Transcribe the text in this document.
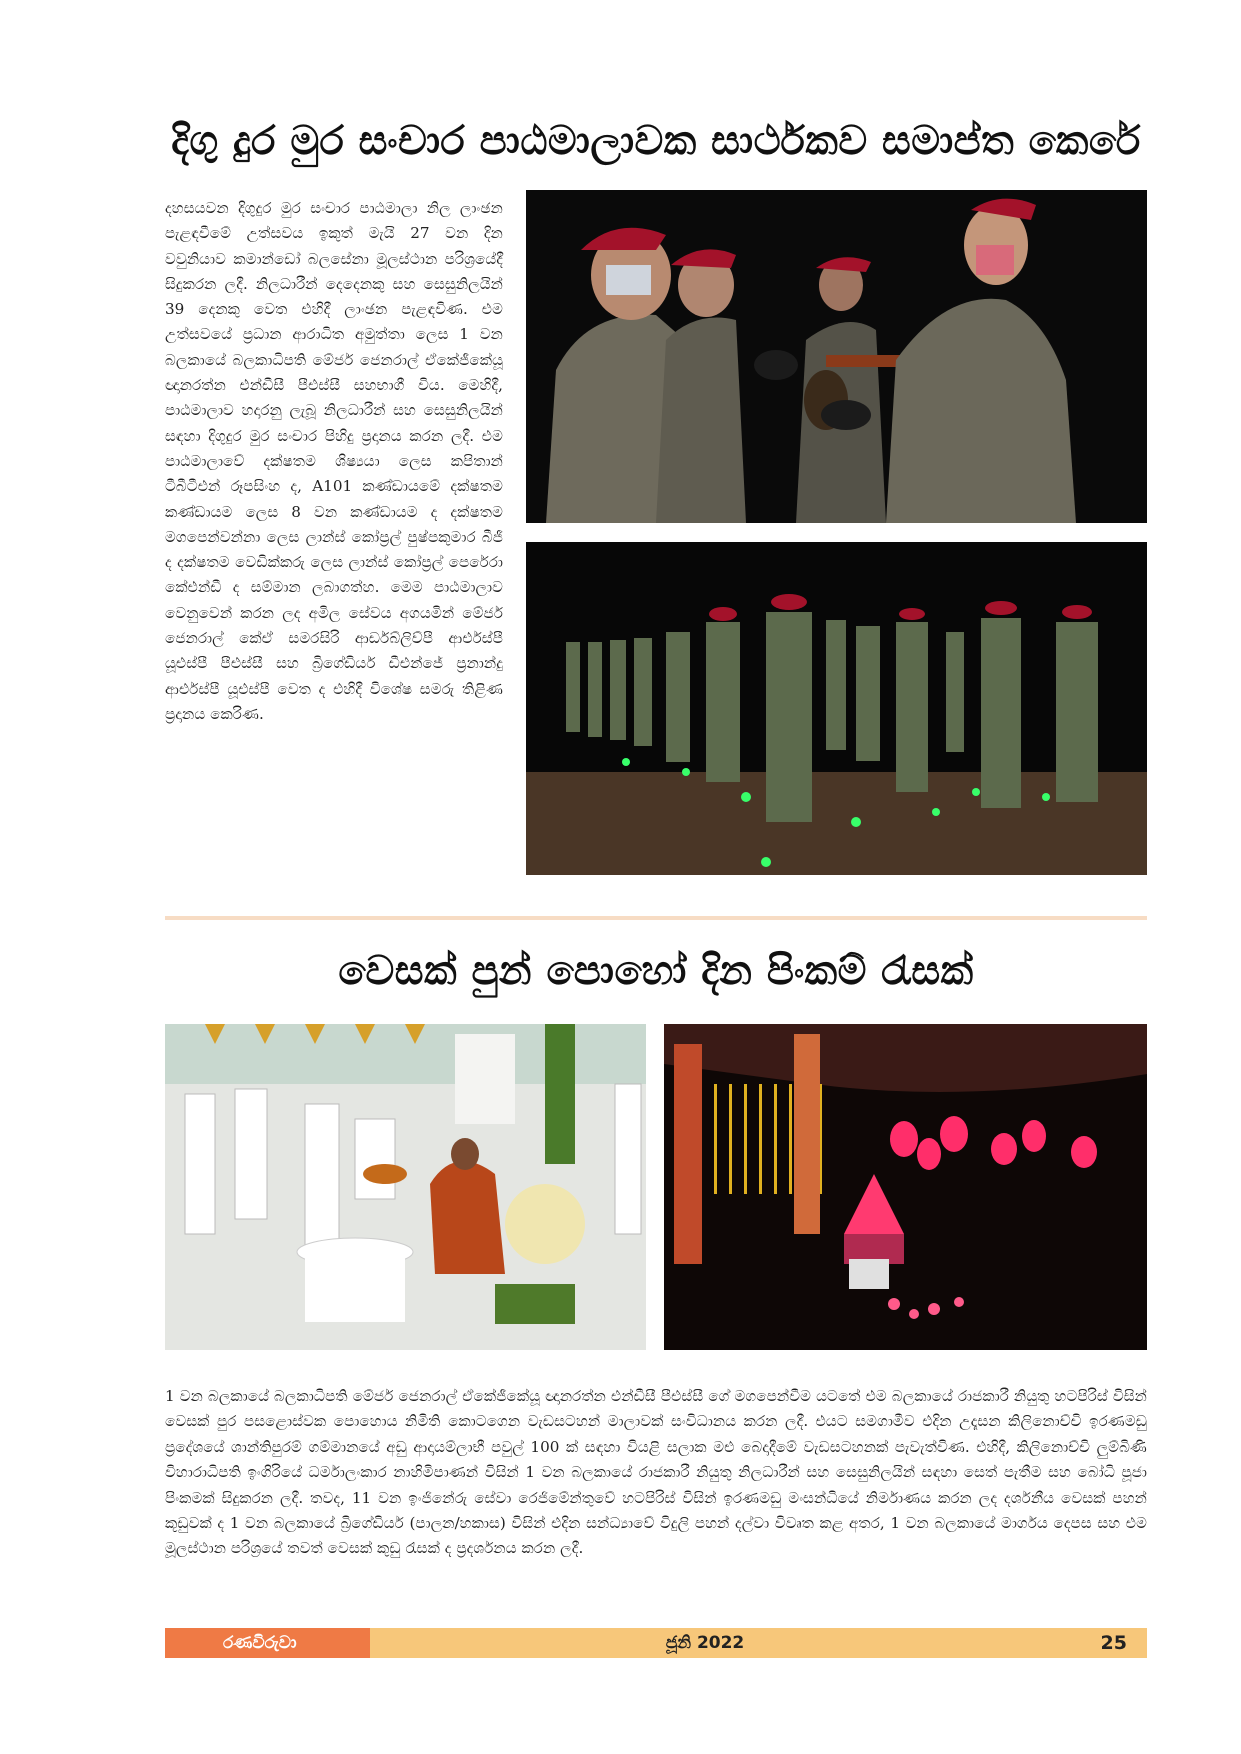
දිගු දුර මුර සංචාර පාඨමාලාවක සාර්ථකව සමාප්ත කෙරේ
දහසයවන දිගුදුර මුර සංචාර පාඨමාලා නිල ලාංඡන පැළඳවීමේ උත්සවය ඉකුත් මැයි 27 වන දින වවුනියාව කමාන්ඩෝ බලසේනා මූලස්ථාන පරිශ්‍රයේදී සිදුකරන ලදී. නිලධාරීන් දෙදෙනකු සහ සෙසුනිලයින් 39 දෙනකු වෙත එහිදී ලාංඡන පැළඳවිණ. එම උත්සවයේ ප්‍රධාන ආරාධිත අමුත්තා ලෙස 1 වන බලකායේ බලකාධිපති මේජර් ජෙනරාල් ඒකේජීකේයූ ඥානරත්න එන්ඩීසී පීඑස්සී සහභාගී විය. මෙහිදී, පාඨමාලාව හදාරනු ලැබූ නිලධාරීන් සහ සෙසුනිලයින් සඳහා දිගුදුර මුර සංචාර පිහිදු ප්‍රදානය කරන ලදී. එම පාඨමාලාවේ දක්ෂතම ශිෂ්‍යයා ලෙස කපිතාන් ටීබීටීඑන් රූපසිංහ ද, A101 කණ්ඩායමේ දක්ෂතම කණ්ඩායම ලෙස 8 වන කණ්ඩායම ද දක්ෂතම මගපෙන්වන්නා ලෙස ලාන්ස් කෝප්‍රල් පුෂ්පකුමාර බීජී ද දක්ෂතම වෙඩික්කරු ලෙස ලාන්ස් කෝප්‍රල් පෙරේරා කේඑන්ඩී ද සම්මාන ලබාගත්හ. මෙම පාඨමාලාව වෙනුවෙන් කරන ලද අමිල සේවය අගයමින් මේජර් ජෙනරාල් කේඒ සමරසිරි ආර්ඩබ්ලිව්පී ආර්එස්පී යූඑස්පී පීඑස්සී සහ බ්‍රිගේඩියර් ඩීඑන්ජේ ප්‍රනාන්දු ආර්එස්පී යූඑස්පී වෙත ද එහිදී විශේෂ සමරු තිළිණ ප්‍රදානය කෙරිණ.
වෙසක් පුන් පොහෝ දින පිංකම් රැසක්
1 වන බලකායේ බලකාධිපති මේජර් ජෙනරාල් ඒකේජීකේයූ ඥානරත්න එන්ඩීසී පීඑස්සී ගේ මගපෙන්වීම යටතේ එම බලකායේ රාජකාරී නියුතු හටපිරිස් විසින් වෙසක් පුර පසළොස්වක පොහොය නිමිති කොටගෙන වැඩසටහන් මාලාවක් සංවිධානය කරන ලදී. එයට සමගාමීව එදින උදෑසන කිලිනොච්චි ඉරණමඩු ප්‍රදේශයේ ශාන්තිපුරම් ගම්මානයේ අඩු ආදායම්ලාභී පවුල් 100 ක් සඳහා වියළි සලාක මළු බෙදාදීමේ වැඩසටහනක් පැවැත්විණ. එහිදී, කිලිනොච්චි ලුම්බිණි විහාරාධිපති ඉංගිරියේ ධර්මාලංකාර නාහිමිපාණන් විසින් 1 වන බලකායේ රාජකාරී නියුතු නිලධාරීන් සහ සෙසුනිලයින් සඳහා සෙත් පැතීම සහ බෝධි පූජා පිංකමක් සිදුකරන ලදී. තවද, 11 වන ඉංජිනේරු සේවා රෙජිමේන්තුවේ හටපිරිස් විසින් ඉරණමඩු මංසන්ධියේ නිර්මාණය කරන ලද දර්ශනීය වෙසක් පහන් කූඩුවක් ද 1 වන බලකායේ බ්‍රිගේඩියර් (පාලන/හකාස) විසින් එදින සන්ධ්‍යාවේ විදුලි පහන් දල්වා විවෘත කළ අතර, 1 වන බලකායේ මාර්ගය දෙපස සහ එම මූලස්ථාන පරිශ්‍රයේ තවත් වෙසක් කුඩු රැසක් ද ප්‍රදර්ශනය කරන ලදී.
රණවිරුවා	ජූනි 2022	25
